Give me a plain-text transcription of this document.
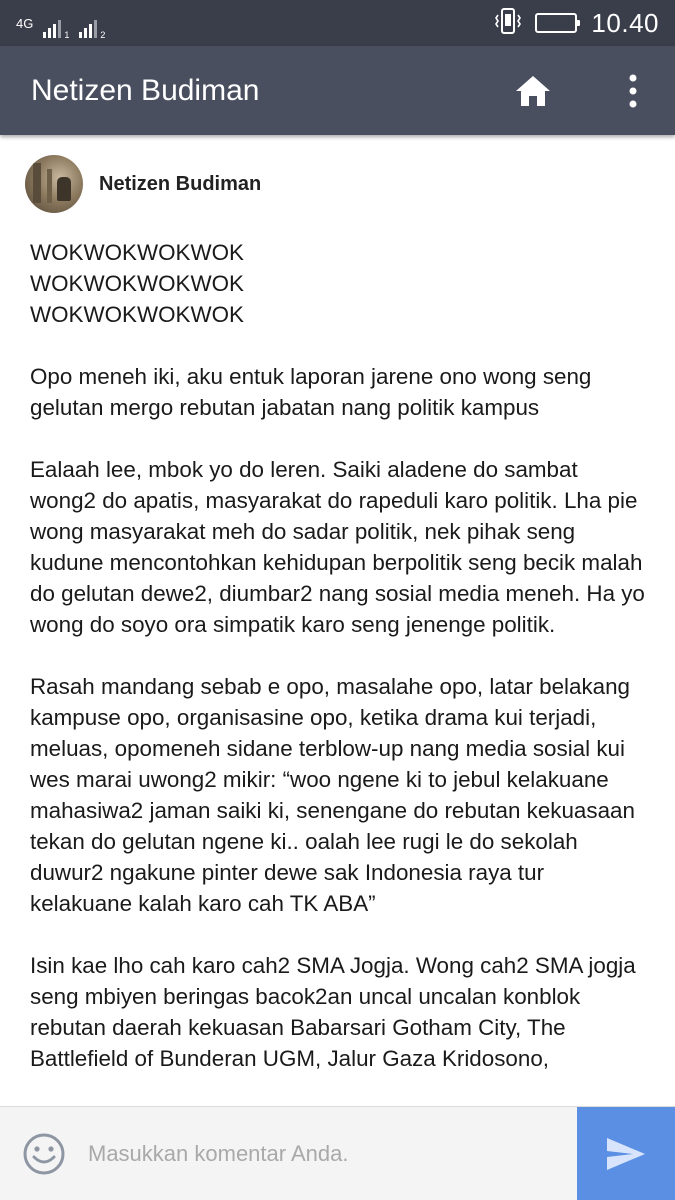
4G
1	2	10.40
Netizen Budiman
Netizen Budiman
WOKWOKWOKWOK
WOKWOKWOKWOK
WOKWOKWOKWOK

Opo meneh iki, aku entuk laporan jarene ono wong seng gelutan mergo rebutan jabatan nang politik kampus

Ealaah lee, mbok yo do leren. Saiki aladene do sambat wong2 do apatis, masyarakat do rapeduli karo politik. Lha pie wong masyarakat meh do sadar politik, nek pihak seng kudune mencontohkan kehidupan berpolitik seng becik malah do gelutan dewe2, diumbar2 nang sosial media meneh. Ha yo wong do soyo ora simpatik karo seng jenenge politik.

Rasah mandang sebab e opo, masalahe opo, latar belakang kampuse opo, organisasine opo, ketika drama kui terjadi, meluas, opomeneh sidane terblow-up nang media sosial kui wes marai uwong2 mikir: “woo ngene ki to jebul kelakuane mahasiwa2 jaman saiki ki, senengane do rebutan kekuasaan tekan do gelutan ngene ki.. oalah lee rugi le do sekolah duwur2 ngakune pinter dewe sak Indonesia raya tur kelakuane kalah karo cah TK ABA”

Isin kae lho cah karo cah2 SMA Jogja. Wong cah2 SMA jogja seng mbiyen beringas bacok2an uncal uncalan konblok rebutan daerah kekuasan Babarsari Gotham City, The Battlefield of Bunderan UGM, Jalur Gaza Kridosono,
Masukkan komentar Anda.
